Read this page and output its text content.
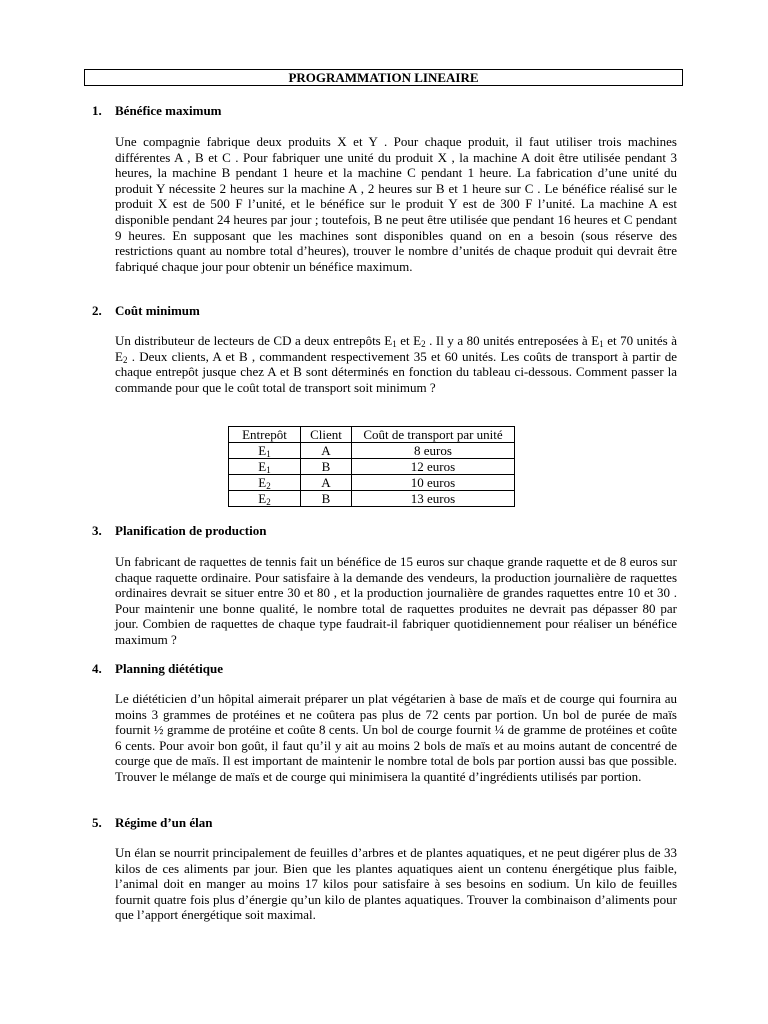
PROGRAMMATION LINEAIRE
1. Bénéfice maximum
Une compagnie fabrique deux produits X et Y . Pour chaque produit, il faut utiliser trois machines différentes A , B et C . Pour fabriquer une unité du produit X , la machine A doit être utilisée pendant 3 heures, la machine B pendant 1 heure et la machine C pendant 1 heure. La fabrication d’une unité du produit Y nécessite 2 heures sur la machine A , 2 heures sur B et 1 heure sur C . Le bénéfice réalisé sur le produit X est de 500 F l’unité, et le bénéfice sur le produit Y est de 300 F l’unité. La machine A est disponible pendant 24 heures par jour ; toutefois, B ne peut être utilisée que pendant 16 heures et C pendant 9 heures. En supposant que les machines sont disponibles quand on en a besoin (sous réserve des restrictions quant au nombre total d’heures), trouver le nombre d’unités de chaque produit qui devrait être fabriqué chaque jour pour obtenir un bénéfice maximum.
2. Coût minimum
Un distributeur de lecteurs de CD a deux entrepôts $E_1$ et $E_2$ . Il y a 80 unités entreposées à $E_1$ et 70 unités à $E_2$ . Deux clients, A et B , commandent respectivement 35 et 60 unités. Les coûts de transport à partir de chaque entrepôt jusque chez A et B sont déterminés en fonction du tableau ci-dessous. Comment passer la commande pour que le coût total de transport soit minimum ?
Entrepôt	Client	Coût de transport par unité
$E_1$	A	8 euros
$E_1$	B	12 euros
$E_2$	A	10 euros
$E_2$	B	13 euros
3. Planification de production
Un fabricant de raquettes de tennis fait un bénéfice de 15 euros sur chaque grande raquette et de 8 euros sur chaque raquette ordinaire. Pour satisfaire à la demande des vendeurs, la production journalière de raquettes ordinaires devrait se situer entre 30 et 80 , et la production journalière de grandes raquettes entre 10 et 30 . Pour maintenir une bonne qualité, le nombre total de raquettes produites ne devrait pas dépasser 80 par jour. Combien de raquettes de chaque type faudrait-il fabriquer quotidiennement pour réaliser un bénéfice maximum ?
4. Planning diététique
Le diététicien d’un hôpital aimerait préparer un plat végétarien à base de maïs et de courge qui fournira au moins 3 grammes de protéines et ne coûtera pas plus de 72 cents par portion. Un bol de purée de maïs fournit ½ gramme de protéine et coûte 8 cents. Un bol de courge fournit ¼ de gramme de protéines et coûte 6 cents. Pour avoir bon goût, il faut qu’il y ait au moins 2 bols de maïs et au moins autant de concentré de courge que de maïs. Il est important de maintenir le nombre total de bols par portion aussi bas que possible. Trouver le mélange de maïs et de courge qui minimisera la quantité d’ingrédients utilisés par portion.
5. Régime d’un élan
Un élan se nourrit principalement de feuilles d’arbres et de plantes aquatiques, et ne peut digérer plus de 33 kilos de ces aliments par jour. Bien que les plantes aquatiques aient un contenu énergétique plus faible, l’animal doit en manger au moins 17 kilos pour satisfaire à ses besoins en sodium. Un kilo de feuilles fournit quatre fois plus d’énergie qu’un kilo de plantes aquatiques. Trouver la combinaison d’aliments pour que l’apport énergétique soit maximal.
